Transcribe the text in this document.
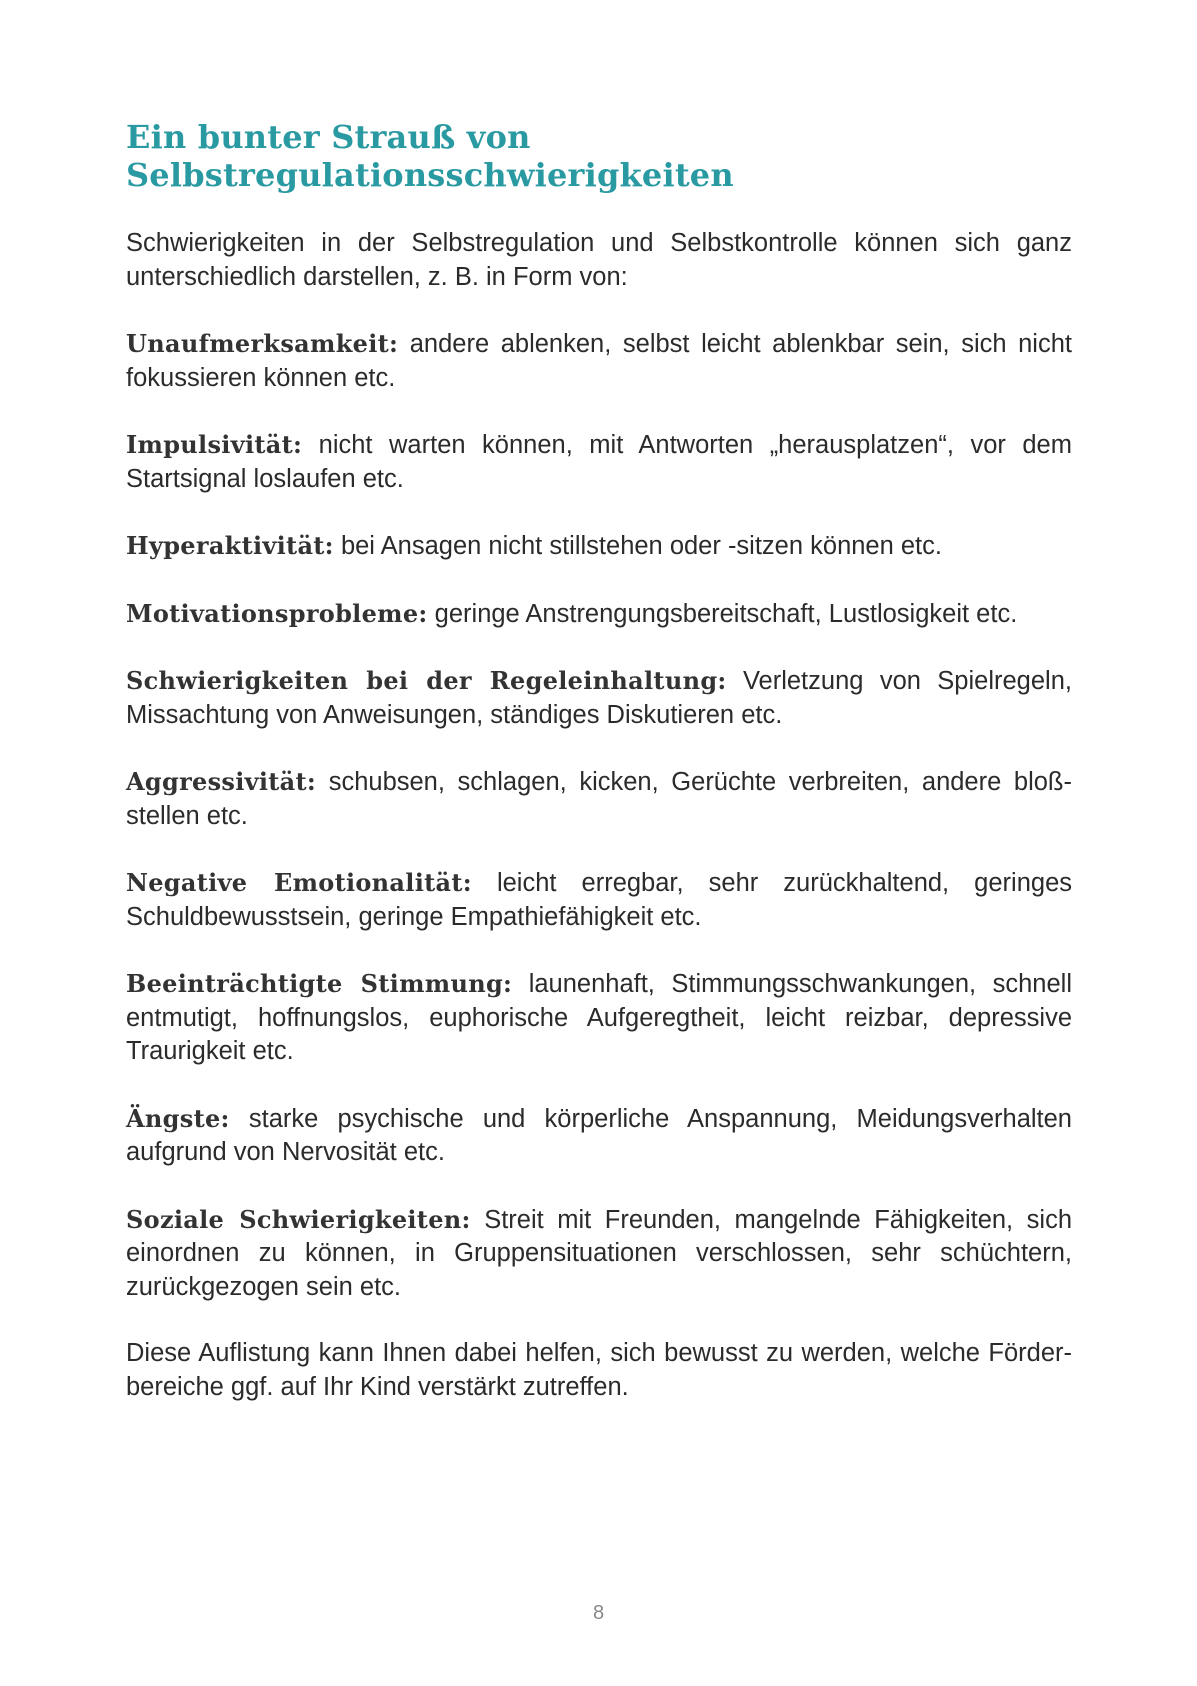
Ein bunter Strauß von
Selbstregulationsschwierigkeiten

Schwierigkeiten in der Selbstregulation und Selbstkontrolle können sich ganz unterschiedlich darstellen, z. B. in Form von:

Unaufmerksamkeit: andere ablenken, selbst leicht ablenkbar sein, sich nicht fokussieren können etc.

Impulsivität: nicht warten können, mit Antworten „herausplatzen“, vor dem Startsignal loslaufen etc.

Hyperaktivität: bei Ansagen nicht stillstehen oder -sitzen können etc.

Motivationsprobleme: geringe Anstrengungsbereitschaft, Lustlosigkeit etc.

Schwierigkeiten bei der Regeleinhaltung: Verletzung von Spielregeln, Missachtung von Anweisungen, ständiges Diskutieren etc.

Aggressivität: schubsen, schlagen, kicken, Gerüchte verbreiten, andere bloß-stellen etc.

Negative Emotionalität: leicht erregbar, sehr zurückhaltend, geringes Schuldbewusstsein, geringe Empathiefähigkeit etc.

Beeinträchtigte Stimmung: launenhaft, Stimmungsschwankungen, schnell entmutigt, hoffnungslos, euphorische Aufgeregtheit, leicht reizbar, depressive Traurigkeit etc.

Ängste: starke psychische und körperliche Anspannung, Meidungsverhalten aufgrund von Nervosität etc.

Soziale Schwierigkeiten: Streit mit Freunden, mangelnde Fähigkeiten, sich einordnen zu können, in Gruppensituationen verschlossen, sehr schüchtern, zurückgezogen sein etc.

Diese Auflistung kann Ihnen dabei helfen, sich bewusst zu werden, welche Förder-bereiche ggf. auf Ihr Kind verstärkt zutreffen.

8
